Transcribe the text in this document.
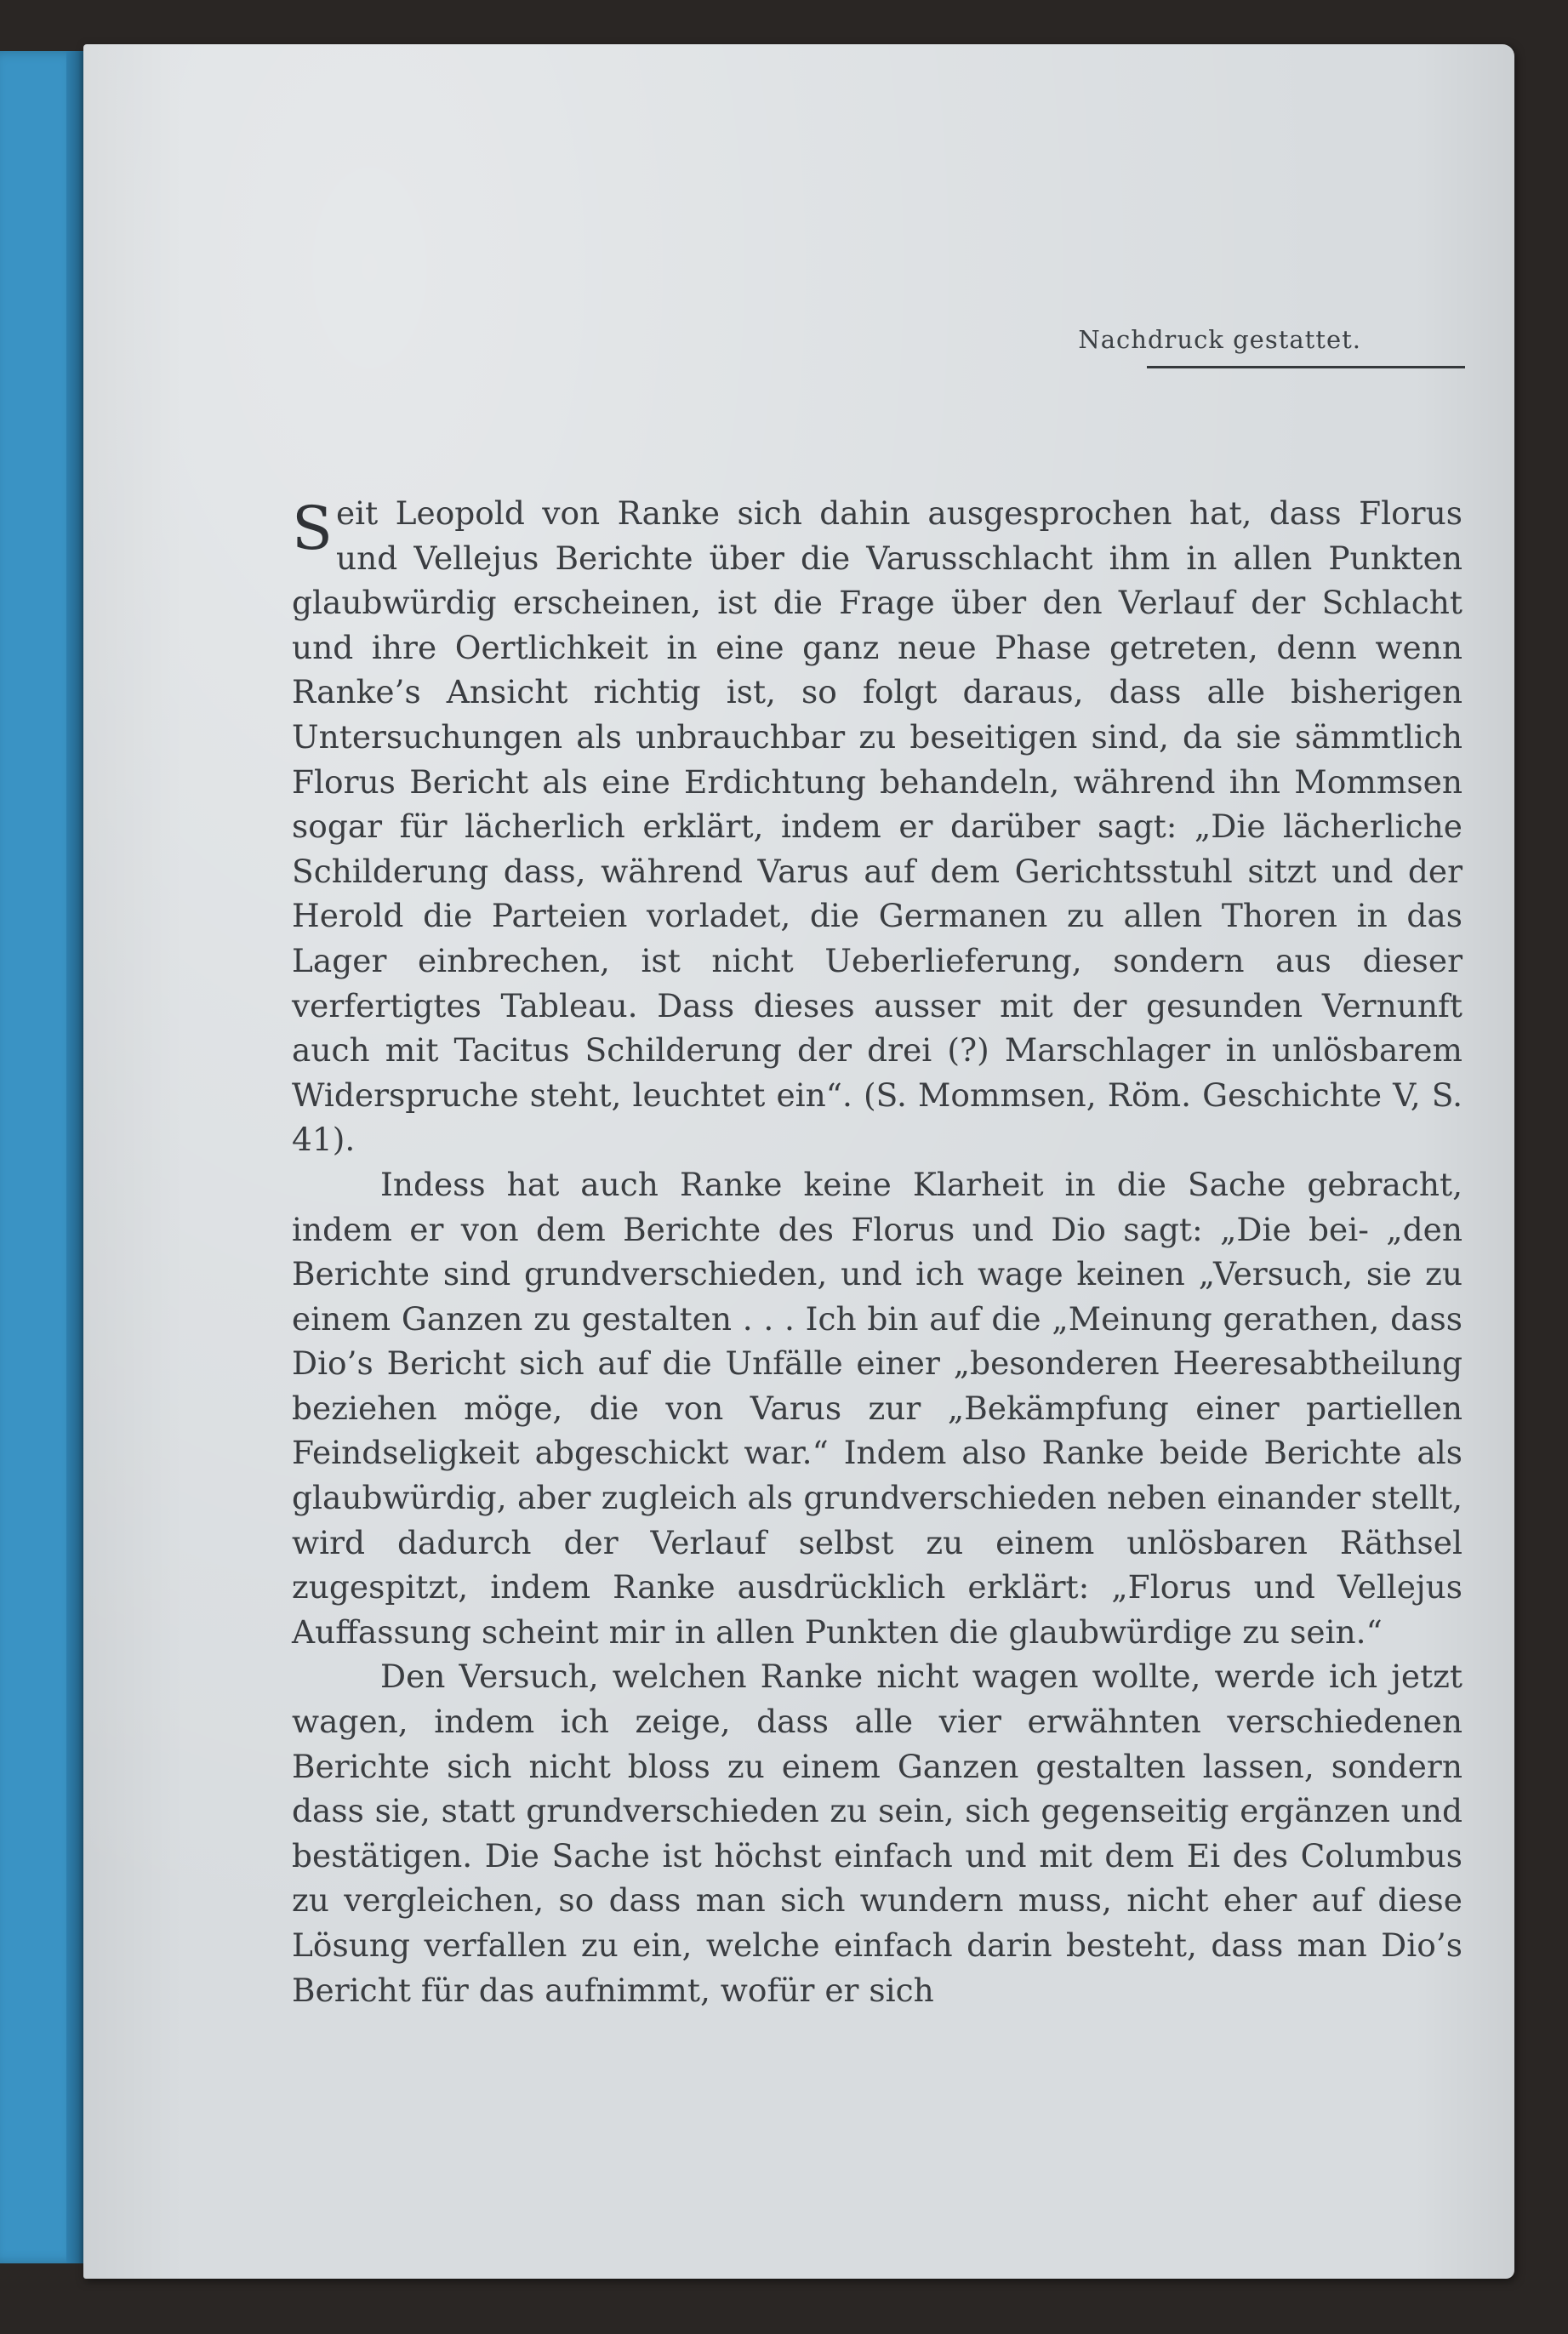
Nachdruck gestattet.

Seit Leopold von Ranke sich dahin ausgesprochen hat, dass Florus und Vellejus Berichte über die Varusschlacht ihm in allen Punkten glaubwürdig erscheinen, ist die Frage über den Verlauf der Schlacht und ihre Oertlichkeit in eine ganz neue Phase getreten, denn wenn Ranke’s Ansicht richtig ist, so folgt daraus, dass alle bisherigen Untersuchungen als unbrauchbar zu beseitigen sind, da sie sämmtlich Florus Bericht als eine Erdichtung behandeln, während ihn Mommsen sogar für lächerlich erklärt, indem er darüber sagt: „Die lächerliche Schilderung dass, während Varus auf dem Gerichtsstuhl sitzt und der Herold die Parteien vorladet, die Germanen zu allen Thoren in das Lager einbrechen, ist nicht Ueberlieferung, sondern aus dieser verfertigtes Tableau. Dass dieses ausser mit der gesunden Vernunft auch mit Tacitus Schilderung der drei (?) Marschlager in unlösbarem Widerspruche steht, leuchtet ein“. (S. Mommsen, Röm. Geschichte V, S. 41).

Indess hat auch Ranke keine Klarheit in die Sache gebracht, indem er von dem Berichte des Florus und Dio sagt: „Die bei- „den Berichte sind grundverschieden, und ich wage keinen „Versuch, sie zu einem Ganzen zu gestalten . . . Ich bin auf die „Meinung gerathen, dass Dio’s Bericht sich auf die Unfälle einer „besonderen Heeresabtheilung beziehen möge, die von Varus zur „Bekämpfung einer partiellen Feindseligkeit abgeschickt war.“ Indem also Ranke beide Berichte als glaubwürdig, aber zugleich als grundverschieden neben einander stellt, wird dadurch der Verlauf selbst zu einem unlösbaren Räthsel zugespitzt, indem Ranke ausdrücklich erklärt: „Florus und Vellejus Auffassung scheint mir in allen Punkten die glaubwürdige zu sein.“

Den Versuch, welchen Ranke nicht wagen wollte, werde ich jetzt wagen, indem ich zeige, dass alle vier erwähnten verschiedenen Berichte sich nicht bloss zu einem Ganzen gestalten lassen, sondern dass sie, statt grundverschieden zu sein, sich gegenseitig ergänzen und bestätigen. Die Sache ist höchst einfach und mit dem Ei des Columbus zu vergleichen, so dass man sich wundern muss, nicht eher auf diese Lösung verfallen zu ein, welche einfach darin besteht, dass man Dio’s Bericht für das aufnimmt, wofür er sich
